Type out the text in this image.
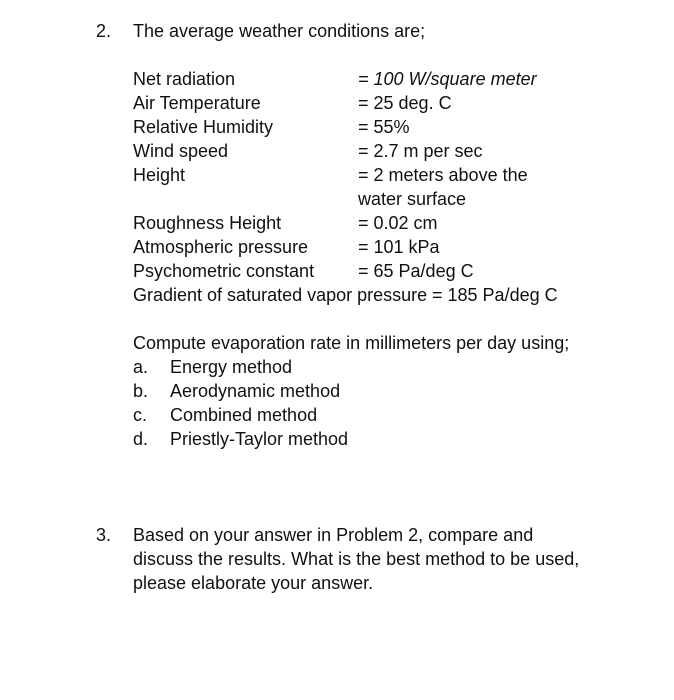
2. The average weather conditions are;
Net radiation	= 100 W/square meter
Air Temperature	= 25 deg. C
Relative Humidity	= 55%
Wind speed	= 2.7 m per sec
Height	= 2 meters above the
water surface
Roughness Height	= 0.02 cm
Atmospheric pressure	= 101 kPa
Psychometric constant = 65 Pa/deg C
Gradient of saturated vapor pressure = 185 Pa/deg C
Compute evaporation rate in millimeters per day using;
a. Energy method
b. Aerodynamic method
c. Combined method
d. Priestly-Taylor method
3. Based on your answer in Problem 2, compare and
discuss the results. What is the best method to be used,
please elaborate your answer.
